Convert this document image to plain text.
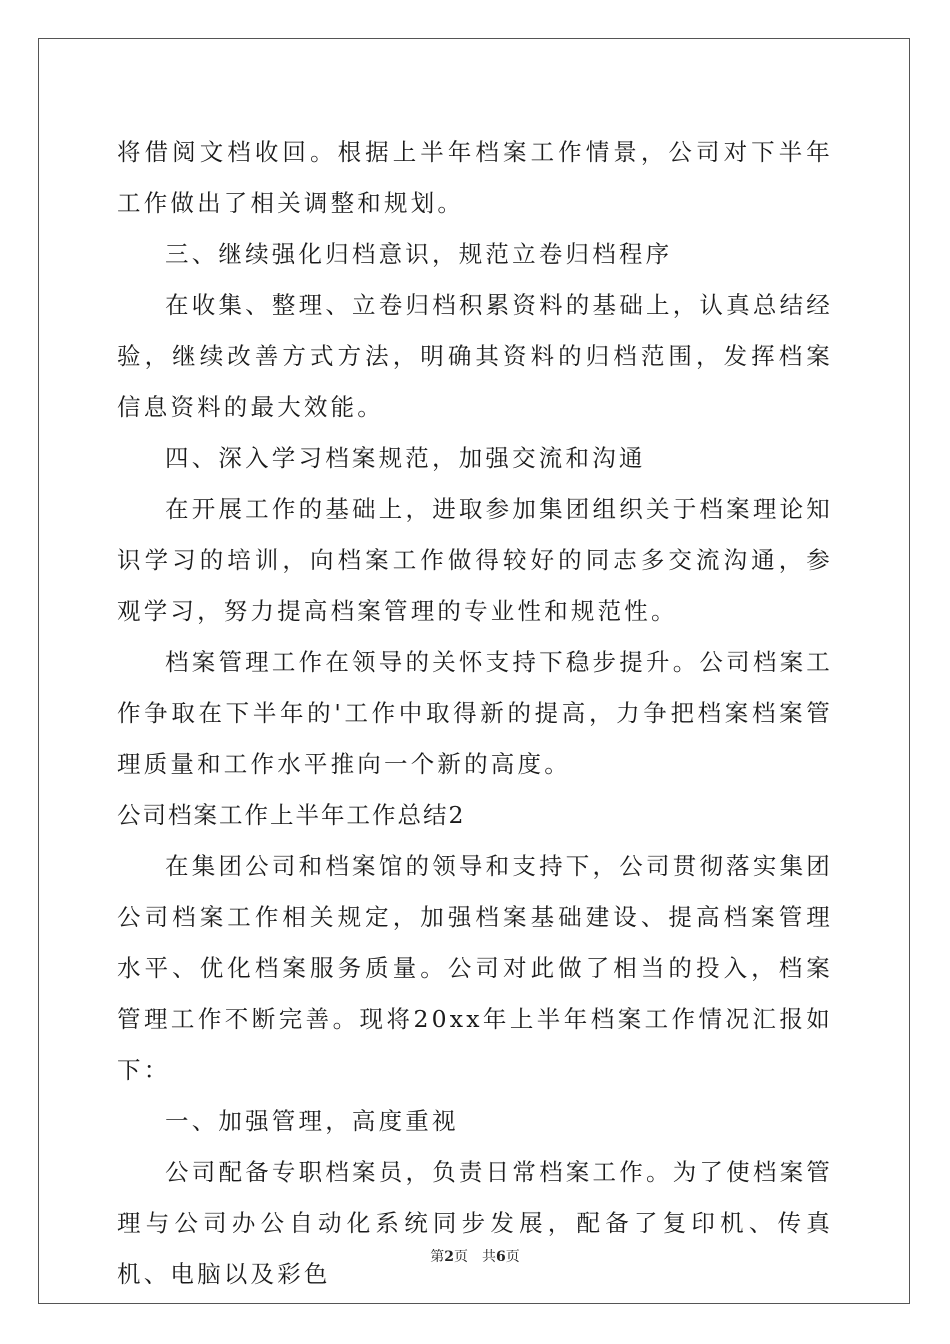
将借阅文档收回。根据上半年档案工作情景，公司对下半年工作做出了相关调整和规划。

三、继续强化归档意识，规范立卷归档程序

在收集、整理、立卷归档积累资料的基础上，认真总结经验，继续改善方式方法，明确其资料的归档范围，发挥档案信息资料的最大效能。

四、深入学习档案规范，加强交流和沟通

在开展工作的基础上，进取参加集团组织关于档案理论知识学习的培训，向档案工作做得较好的同志多交流沟通，参观学习，努力提高档案管理的专业性和规范性。

档案管理工作在领导的关怀支持下稳步提升。公司档案工作争取在下半年的'工作中取得新的提高，力争把档案档案管理质量和工作水平推向一个新的高度。

公司档案工作上半年工作总结2

在集团公司和档案馆的领导和支持下，公司贯彻落实集团公司档案工作相关规定，加强档案基础建设、提高档案管理水平、优化档案服务质量。公司对此做了相当的投入，档案管理工作不断完善。现将20xx年上半年档案工作情况汇报如下：

一、加强管理，高度重视

公司配备专职档案员，负责日常档案工作。为了使档案管理与公司办公自动化系统同步发展，配备了复印机、传真机、电脑以及彩色

第2页 共6页
